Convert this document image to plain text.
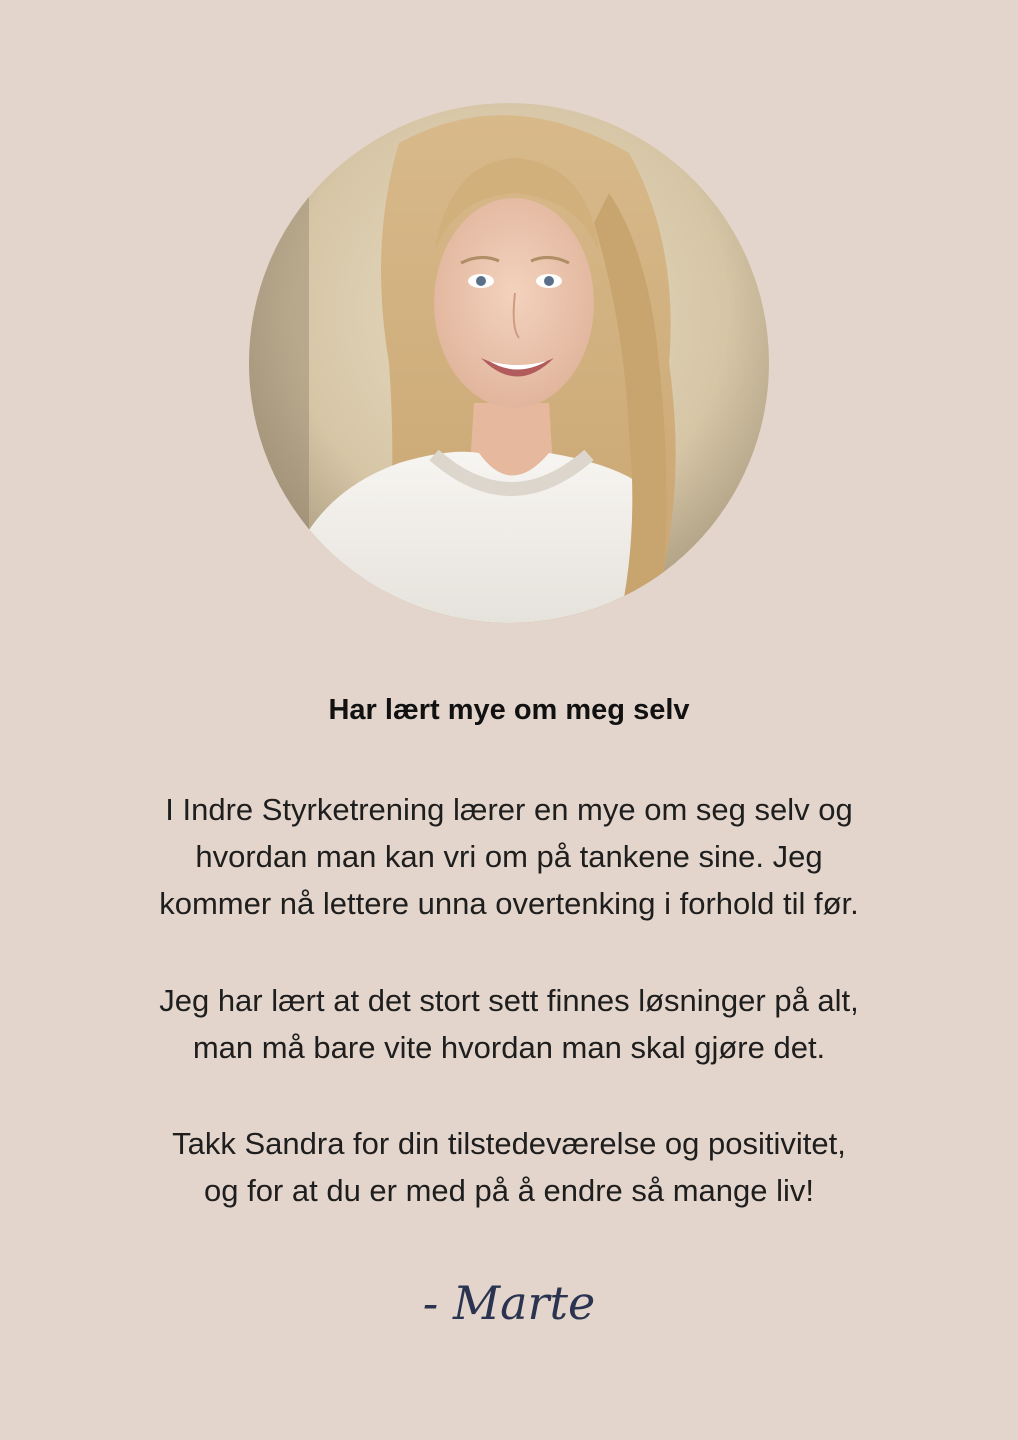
Har lært mye om meg selv

I Indre Styrketrening lærer en mye om seg selv og
hvordan man kan vri om på tankene sine. Jeg
kommer nå lettere unna overtenking i forhold til før.

Jeg har lært at det stort sett finnes løsninger på alt,
man må bare vite hvordan man skal gjøre det.

Takk Sandra for din tilstedeværelse og positivitet,
og for at du er med på å endre så mange liv!

- Marte
